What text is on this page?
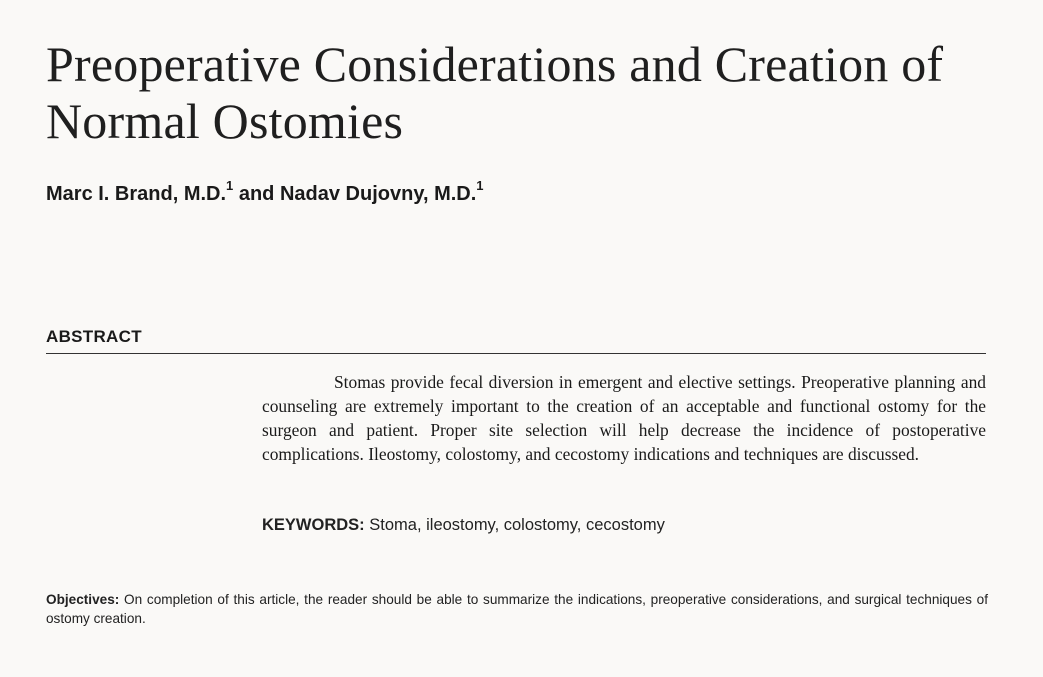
Preoperative Considerations and Creation of
Normal Ostomies
Marc I. Brand, M.D.$^1$ and Nadav Dujovny, M.D.$^1$
ABSTRACT

Stomas provide fecal diversion in emergent and elective settings. Preoperative planning and counseling are extremely important to the creation of an acceptable and functional ostomy for the surgeon and patient. Proper site selection will help decrease the incidence of postoperative complications. Ileostomy, colostomy, and cecostomy indications and techniques are discussed.

KEYWORDS: Stoma, ileostomy, colostomy, cecostomy

Objectives: On completion of this article, the reader should be able to summarize the indications, preoperative considerations, and surgical techniques of ostomy creation.
